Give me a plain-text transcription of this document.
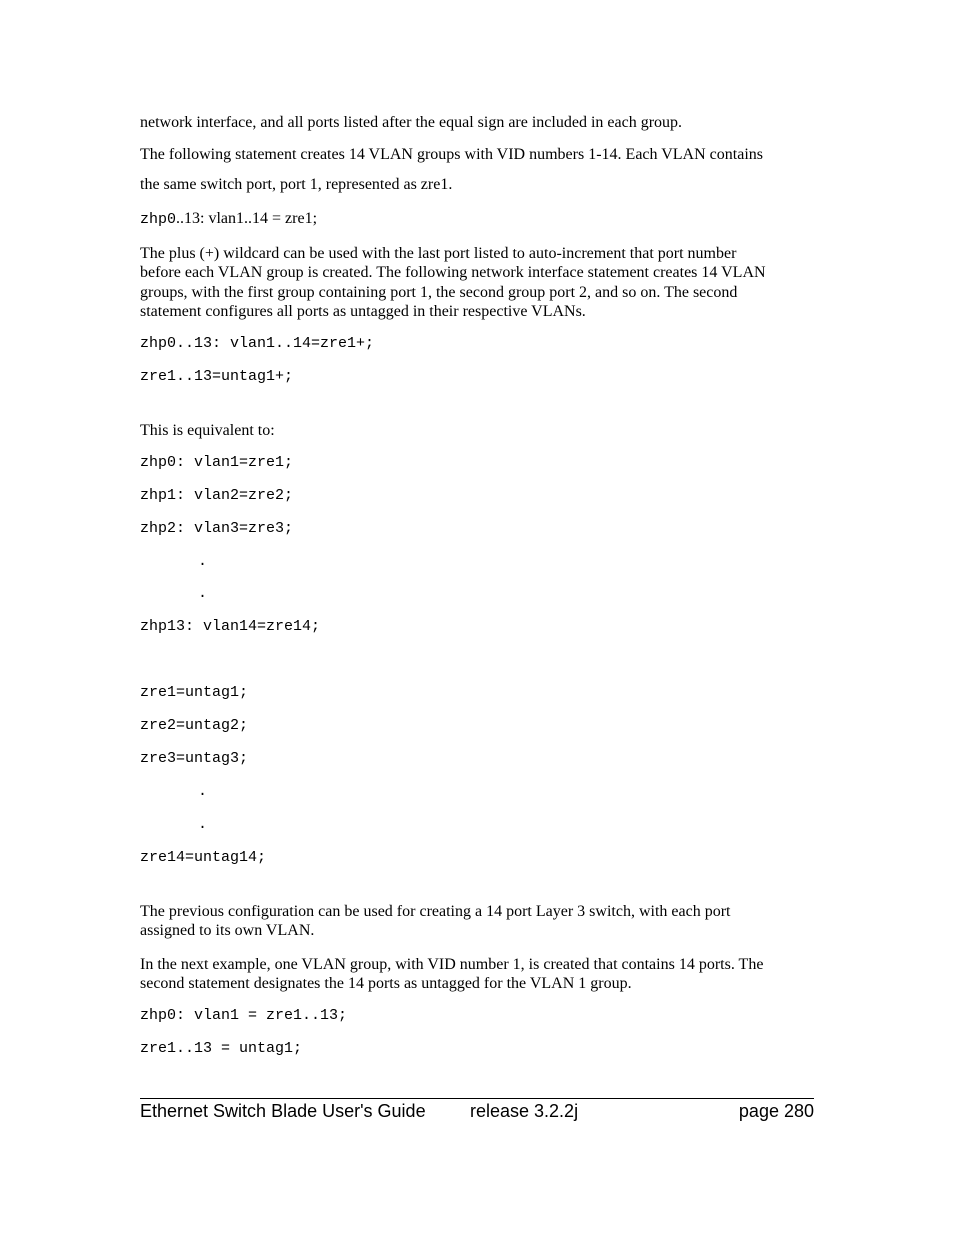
network interface, and all ports listed after the equal sign are included in each group.
The following statement creates 14 VLAN groups with VID numbers 1-14. Each VLAN contains
the same switch port, port 1, represented as zre1.
zhp0..13: vlan1..14 = zre1;
The plus (+) wildcard can be used with the last port listed to auto-increment that port number
before each VLAN group is created. The following network interface statement creates 14 VLAN
groups, with the first group containing port 1, the second group port 2, and so on. The second
statement configures all ports as untagged in their respective VLANs.
zhp0..13: vlan1..14=zre1+;
zre1..13=untag1+;
This is equivalent to:
zhp0: vlan1=zre1;
zhp1: vlan2=zre2;
zhp2: vlan3=zre3;
.
.
zhp13: vlan14=zre14;
zre1=untag1;
zre2=untag2;
zre3=untag3;
.
.
zre14=untag14;
The previous configuration can be used for creating a 14 port Layer 3 switch, with each port
assigned to its own VLAN.
In the next example, one VLAN group, with VID number 1, is created that contains 14 ports. The
second statement designates the 14 ports as untagged for the VLAN 1 group.
zhp0: vlan1 = zre1..13;
zre1..13 = untag1;
Ethernet Switch Blade User's Guide release 3.2.2j	page 280
